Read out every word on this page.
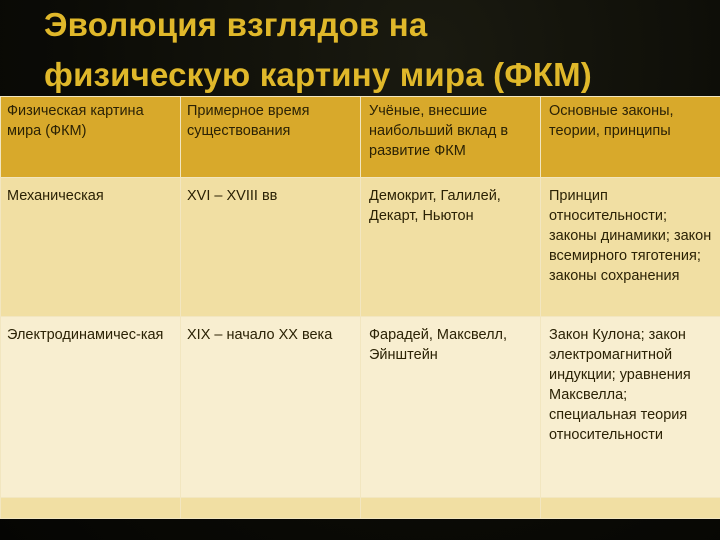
Эволюция взглядов на
физическую картину мира (ФКМ)
Физическая картина мира (ФКМ)	Примерное время существования	Учёные, внесшие наибольший вклад в развитие ФКМ	Основные законы, теории, принципы
Механическая	XVI – XVIII вв	Демокрит, Галилей, Декарт, Ньютон	Принцип относительности; законы динамики; закон всемирного тяготения; законы сохранения
Электродинамичес-кая	XIX – начало XX века	Фарадей, Максвелл, Эйнштейн	Закон Кулона; закон электромагнитной индукции; уравнения Максвелла; специальная теория относительности
